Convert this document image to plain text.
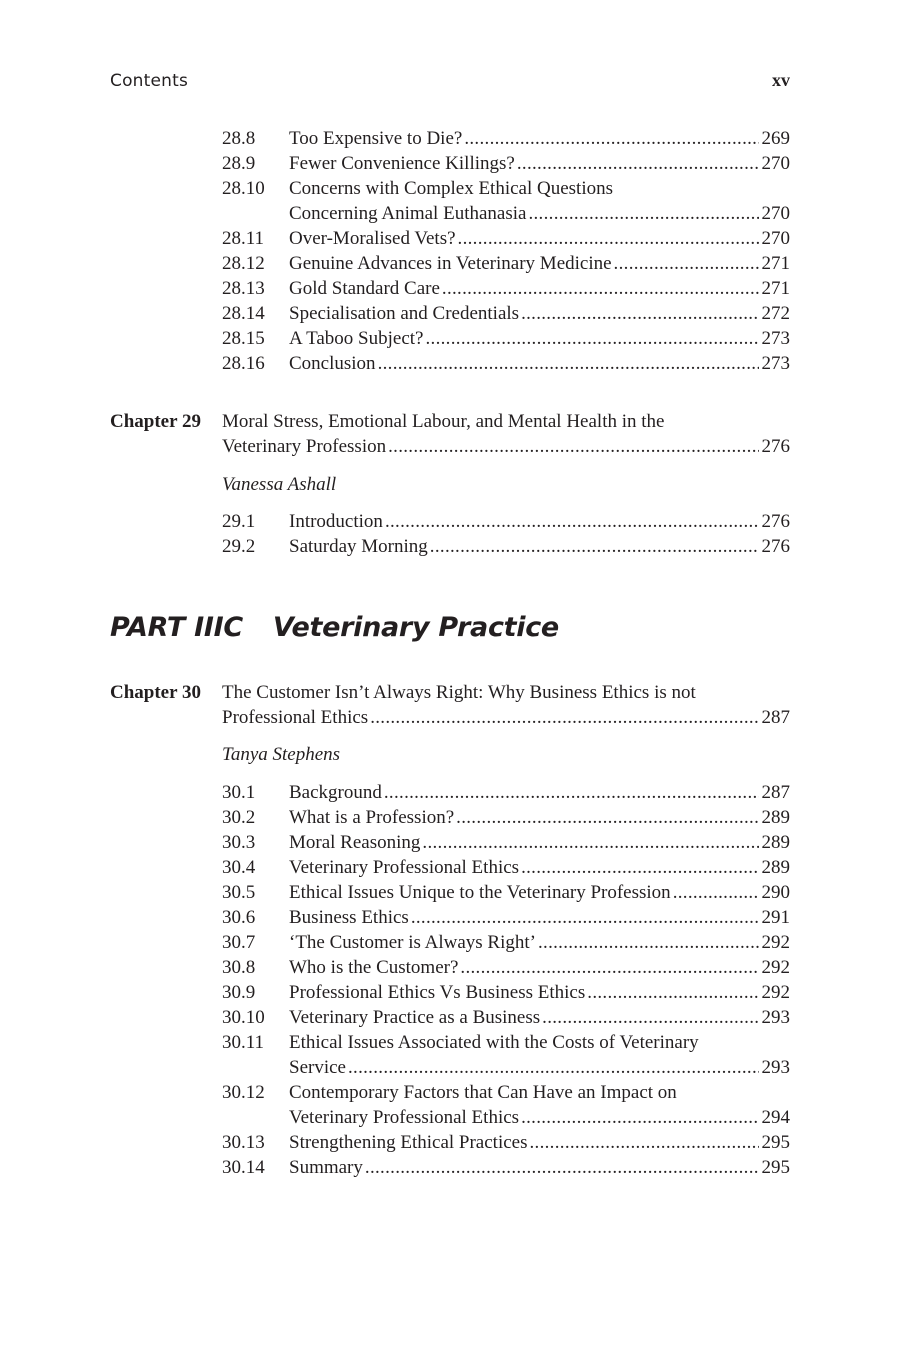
Contents	xv
28.8 Too Expensive to Die? .....	269
28.9 Fewer Convenience Killings? .....	270
28.10 Concerns with Complex Ethical Questions
Concerning Animal Euthanasia .....	270
28.11 Over-Moralised Vets? .....	270
28.12 Genuine Advances in Veterinary Medicine .....	271
28.13 Gold Standard Care .....	271
28.14 Specialisation and Credentials .....	272
28.15 A Taboo Subject? .....	273
28.16 Conclusion .....	273
Chapter 29 Moral Stress, Emotional Labour, and Mental Health in the
Veterinary Profession .....	276
Vanessa Ashall
29.1 Introduction .....	276
29.2 Saturday Morning .....	276
PART IIIC Veterinary Practice
Chapter 30 The Customer Isn’t Always Right: Why Business Ethics is not
Professional Ethics .....	287
Tanya Stephens
30.1 Background .....	287
30.2 What is a Profession? .....	289
30.3 Moral Reasoning .....	289
30.4 Veterinary Professional Ethics .....	289
30.5 Ethical Issues Unique to the Veterinary Profession .....	290
30.6 Business Ethics .....	291
30.7 ‘The Customer is Always Right’ .....	292
30.8 Who is the Customer? .....	292
30.9 Professional Ethics Vs Business Ethics .....	292
30.10 Veterinary Practice as a Business .....	293
30.11 Ethical Issues Associated with the Costs of Veterinary
Service .....	293
30.12 Contemporary Factors that Can Have an Impact on
Veterinary Professional Ethics .....	294
30.13 Strengthening Ethical Practices .....	295
30.14 Summary .....	295
